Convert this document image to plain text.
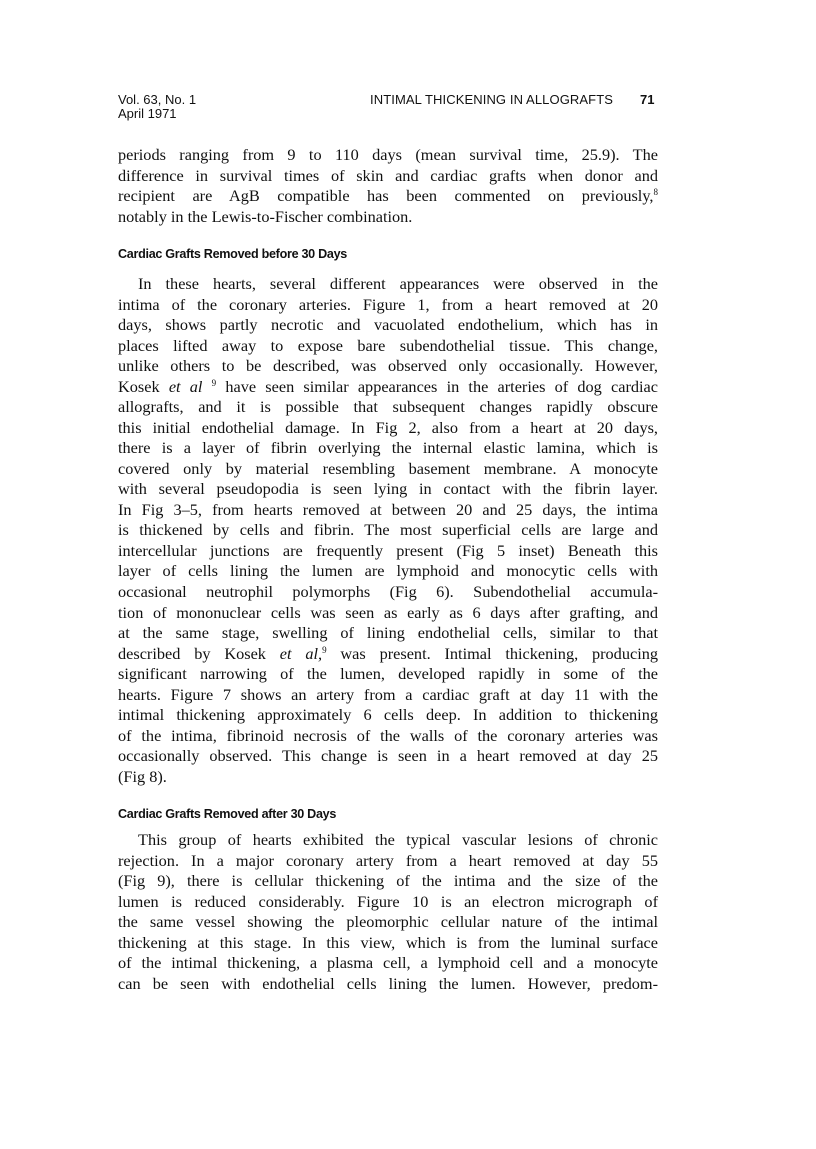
Vol. 63, No. 1
April 1971
INTIMAL THICKENING IN ALLOGRAFTS 71
periods ranging from 9 to 110 days (mean survival time, 25.9). The
difference in survival times of skin and cardiac grafts when donor and
recipient are AgB compatible has been commented on previously,$^8$
notably in the Lewis-to-Fischer combination.
Cardiac Grafts Removed before 30 Days
In these hearts, several different appearances were observed in the
intima of the coronary arteries. Figure 1, from a heart removed at 20
days, shows partly necrotic and vacuolated endothelium, which has in
places lifted away to expose bare subendothelial tissue. This change,
unlike others to be described, was observed only occasionally. However,
Kosek et al $^9$ have seen similar appearances in the arteries of dog cardiac
allografts, and it is possible that subsequent changes rapidly obscure
this initial endothelial damage. In Fig 2, also from a heart at 20 days,
there is a layer of fibrin overlying the internal elastic lamina, which is
covered only by material resembling basement membrane. A monocyte
with several pseudopodia is seen lying in contact with the fibrin layer.
In Fig 3–5, from hearts removed at between 20 and 25 days, the intima
is thickened by cells and fibrin. The most superficial cells are large and
intercellular junctions are frequently present (Fig 5 inset) Beneath this
layer of cells lining the lumen are lymphoid and monocytic cells with
occasional neutrophil polymorphs (Fig 6). Subendothelial accumula-
tion of mononuclear cells was seen as early as 6 days after grafting, and
at the same stage, swelling of lining endothelial cells, similar to that
described by Kosek et al,$^9$ was present. Intimal thickening, producing
significant narrowing of the lumen, developed rapidly in some of the
hearts. Figure 7 shows an artery from a cardiac graft at day 11 with the
intimal thickening approximately 6 cells deep. In addition to thickening
of the intima, fibrinoid necrosis of the walls of the coronary arteries was
occasionally observed. This change is seen in a heart removed at day 25
(Fig 8).
Cardiac Grafts Removed after 30 Days
This group of hearts exhibited the typical vascular lesions of chronic
rejection. In a major coronary artery from a heart removed at day 55
(Fig 9), there is cellular thickening of the intima and the size of the
lumen is reduced considerably. Figure 10 is an electron micrograph of
the same vessel showing the pleomorphic cellular nature of the intimal
thickening at this stage. In this view, which is from the luminal surface
of the intimal thickening, a plasma cell, a lymphoid cell and a monocyte
can be seen with endothelial cells lining the lumen. However, predom-
